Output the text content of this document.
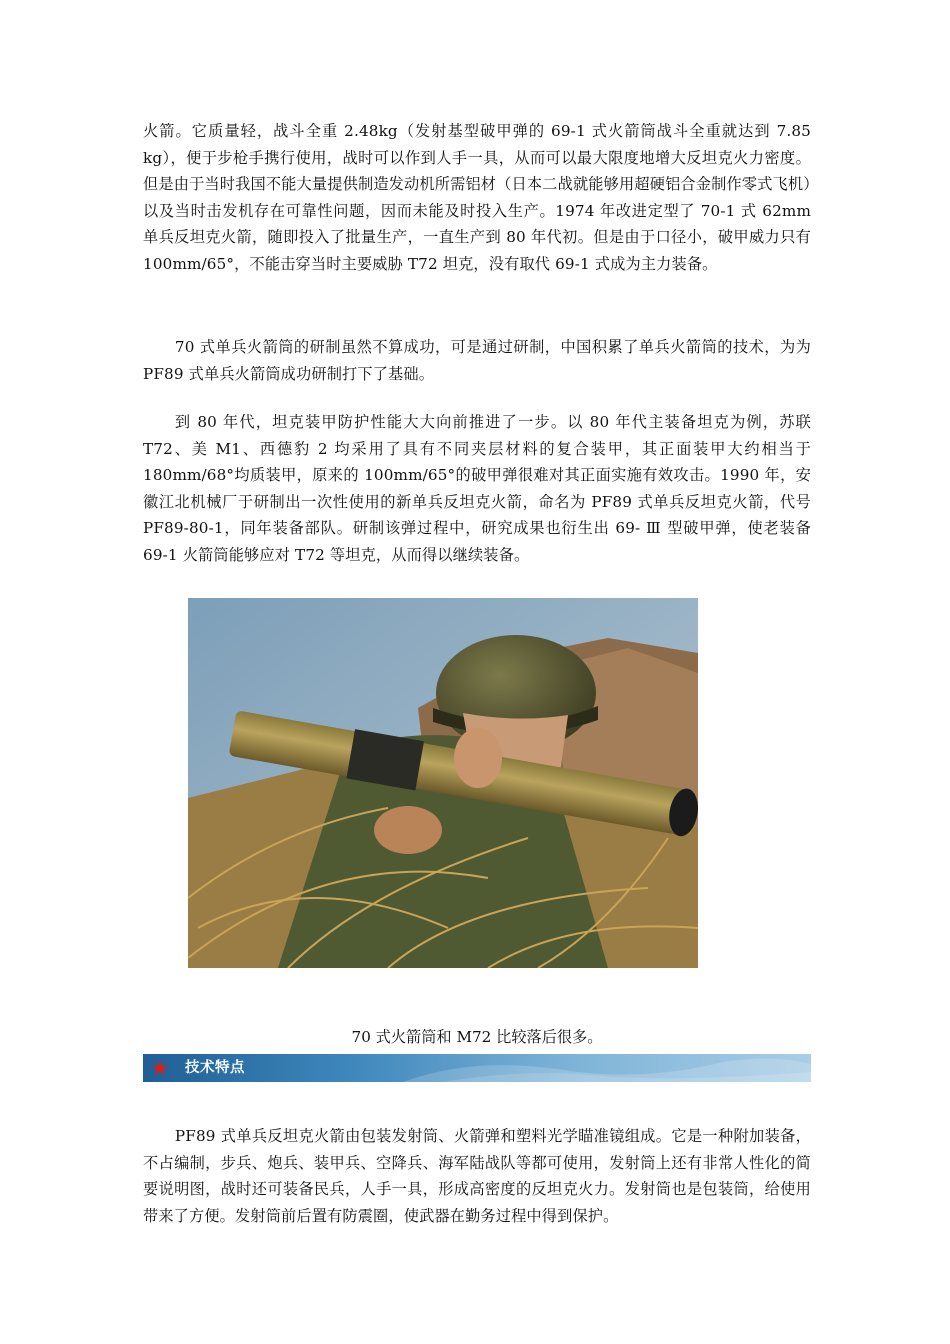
火箭。它质量轻，战斗全重 2.48kg（发射基型破甲弹的 69-1 式火箭筒战斗全重就达到 7.85 kg），便于步枪手携行使用，战时可以作到人手一具，从而可以最大限度地增大反坦克火力密度。但是由于当时我国不能大量提供制造发动机所需铝材（日本二战就能够用超硬铝合金制作零式飞机）以及当时击发机存在可靠性问题，因而未能及时投入生产。1974 年改进定型了 70-1 式 62mm 单兵反坦克火箭，随即投入了批量生产，一直生产到 80 年代初。但是由于口径小，破甲威力只有 100mm/65°，不能击穿当时主要威胁 T72 坦克，没有取代 69-1 式成为主力装备。

70 式单兵火箭筒的研制虽然不算成功，可是通过研制，中国积累了单兵火箭筒的技术，为为 PF89 式单兵火箭筒成功研制打下了基础。

到 80 年代，坦克装甲防护性能大大向前推进了一步。以 80 年代主装备坦克为例，苏联 T72、美 M1、西德豹 2 均采用了具有不同夹层材料的复合装甲，其正面装甲大约相当于 180mm/68°均质装甲，原来的 100mm/65°的破甲弹很难对其正面实施有效攻击。1990 年，安徽江北机械厂于研制出一次性使用的新单兵反坦克火箭，命名为 PF89 式单兵反坦克火箭，代号 PF89-80-1，同年装备部队。研制该弹过程中，研究成果也衍生出 69- Ⅲ 型破甲弹，使老装备 69-1 火箭筒能够应对 T72 等坦克，从而得以继续装备。

70 式火箭筒和 M72 比较落后很多。
技术特点

PF89 式单兵反坦克火箭由包装发射筒、火箭弹和塑料光学瞄准镜组成。它是一种附加装备，不占编制，步兵、炮兵、装甲兵、空降兵、海军陆战队等都可使用，发射筒上还有非常人性化的简要说明图，战时还可装备民兵，人手一具，形成高密度的反坦克火力。发射筒也是包装筒，给使用带来了方便。发射筒前后置有防震圈，使武器在勤务过程中得到保护。
